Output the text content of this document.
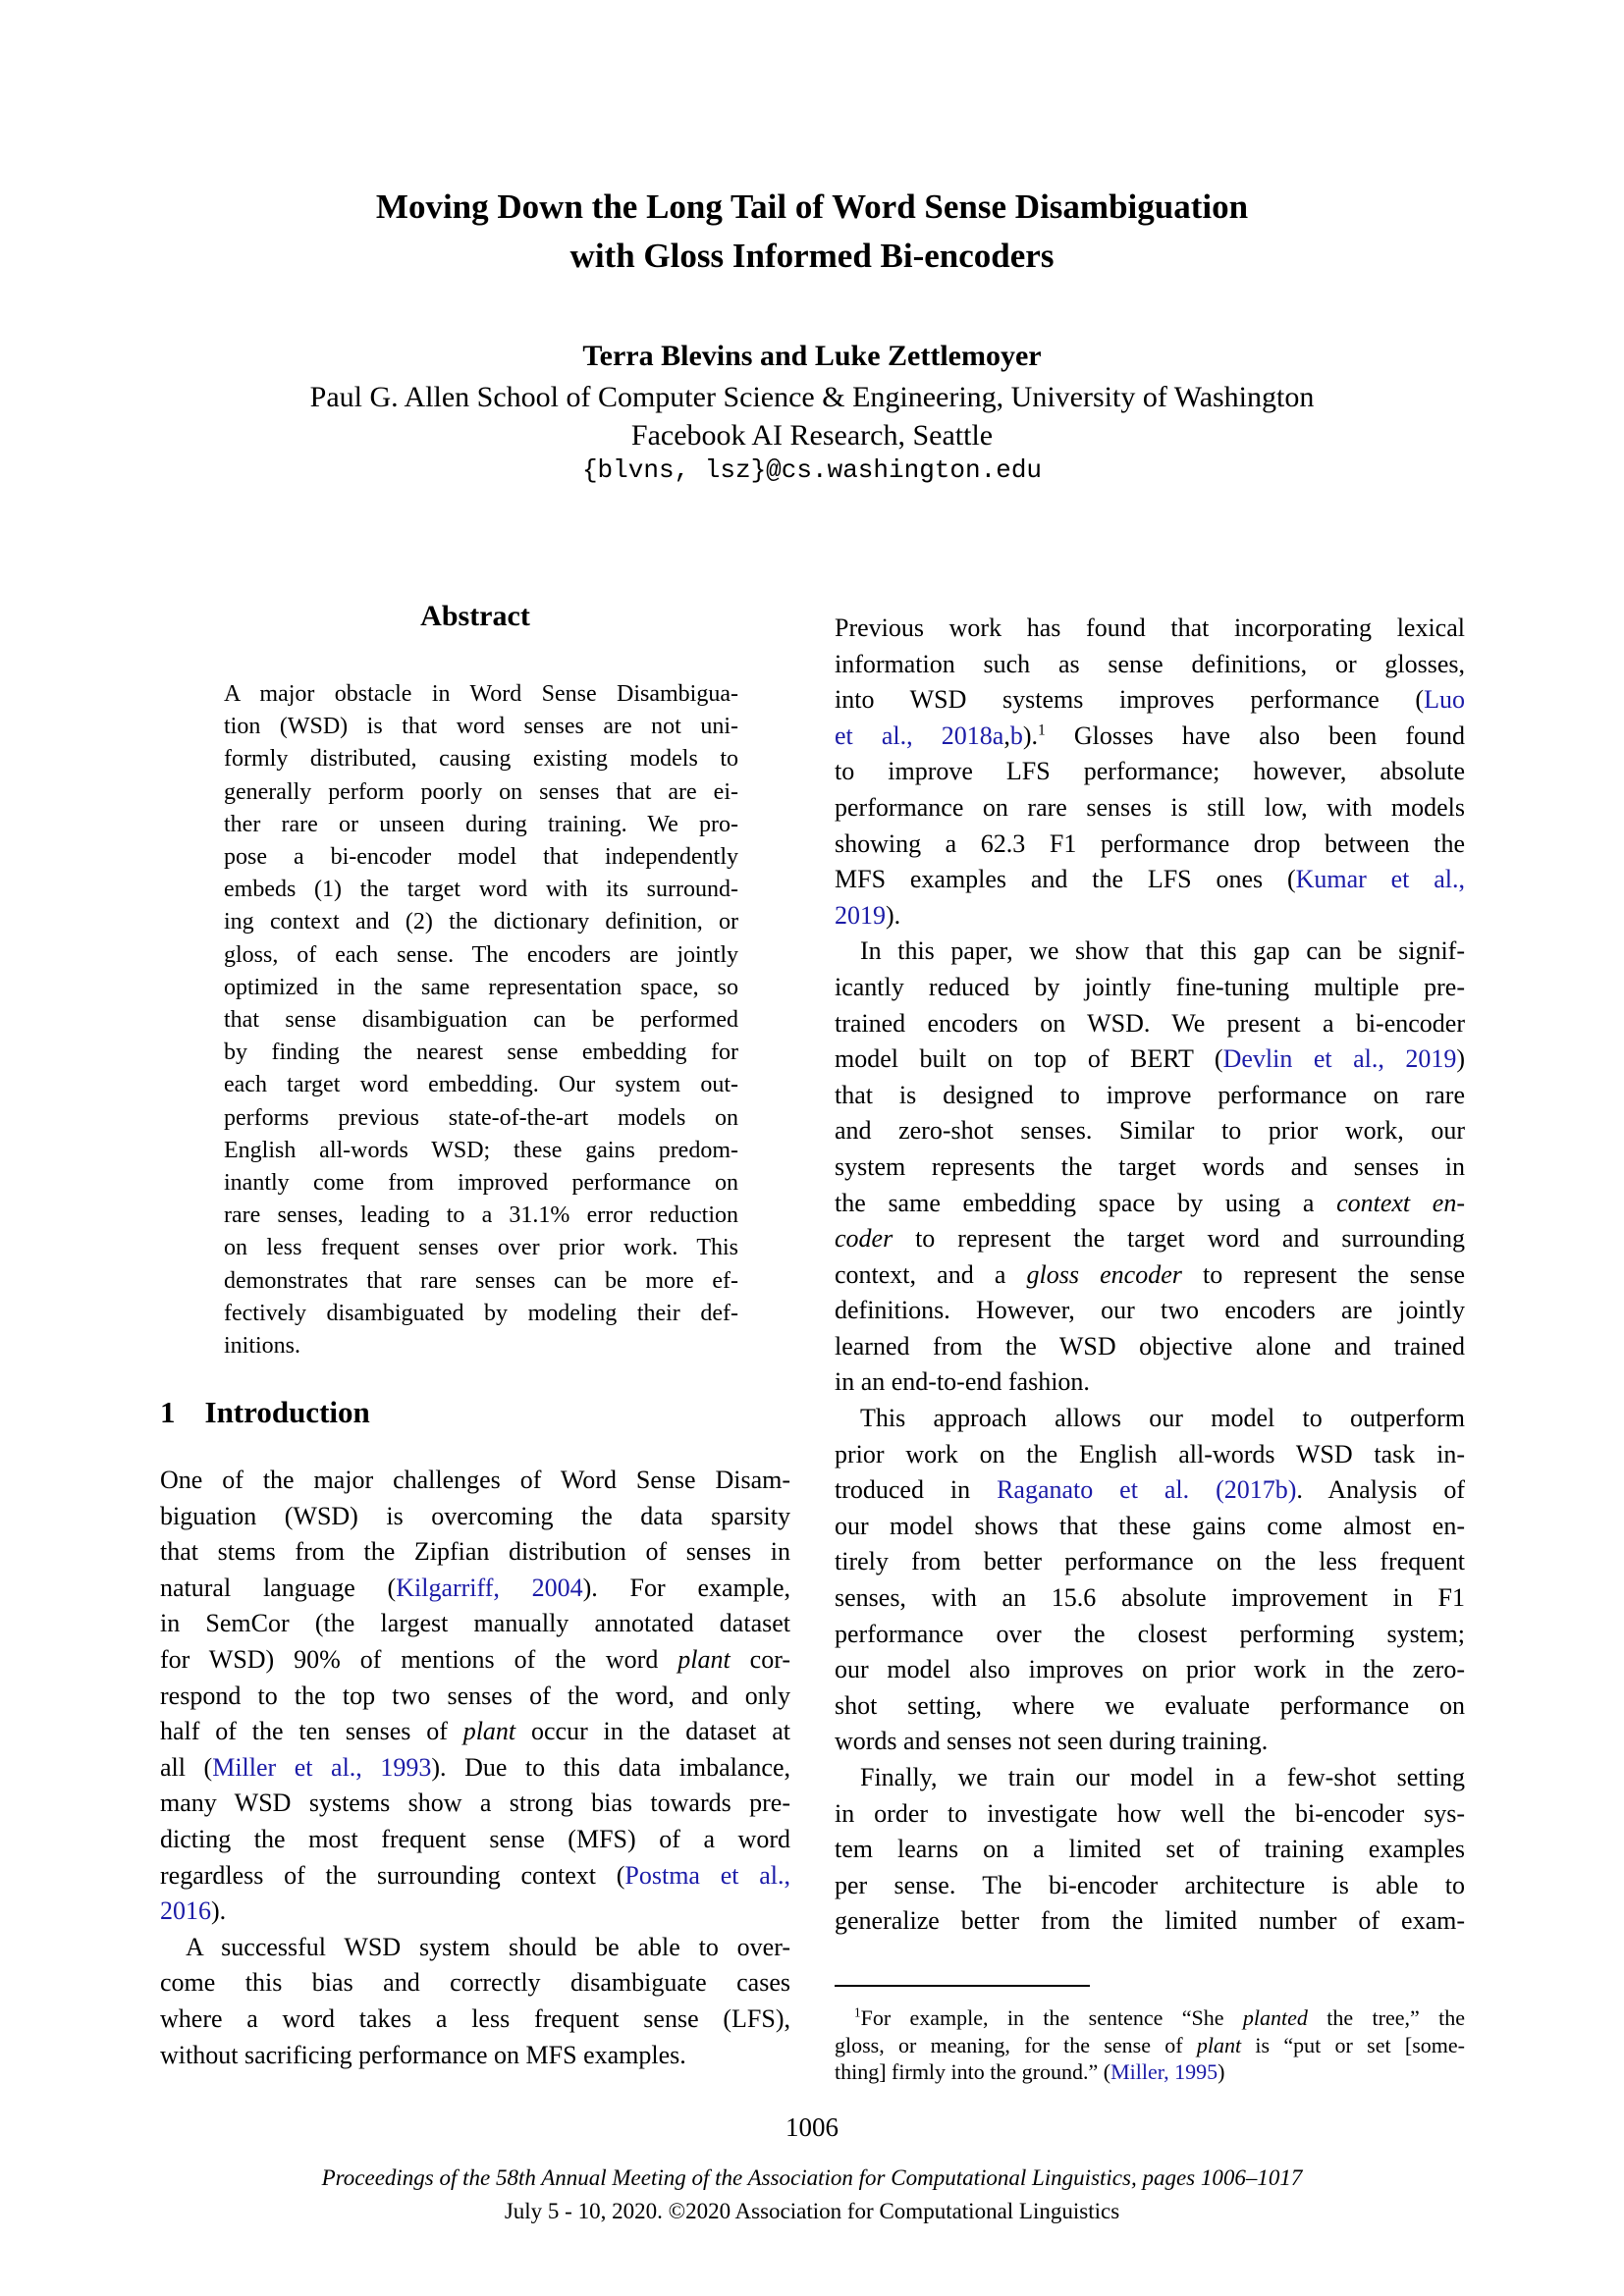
Moving Down the Long Tail of Word Sense Disambiguation
with Gloss Informed Bi-encoders
Terra Blevins and Luke Zettlemoyer
Paul G. Allen School of Computer Science & Engineering, University of Washington
Facebook AI Research, Seattle
{blvns, lsz}@cs.washington.edu
Abstract
A major obstacle in Word Sense Disambigua-
tion (WSD) is that word senses are not uni-
formly distributed, causing existing models to
generally perform poorly on senses that are ei-
ther rare or unseen during training. We pro-
pose a bi-encoder model that independently
embeds (1) the target word with its surround-
ing context and (2) the dictionary definition, or
gloss, of each sense. The encoders are jointly
optimized in the same representation space, so
that sense disambiguation can be performed
by finding the nearest sense embedding for
each target word embedding. Our system out-
performs previous state-of-the-art models on
English all-words WSD; these gains predom-
inantly come from improved performance on
rare senses, leading to a 31.1% error reduction
on less frequent senses over prior work. This
demonstrates that rare senses can be more ef-
fectively disambiguated by modeling their def-
initions.
1 Introduction
One of the major challenges of Word Sense Disam-
biguation (WSD) is overcoming the data sparsity
that stems from the Zipfian distribution of senses in
natural language (Kilgarriff, 2004). For example,
in SemCor (the largest manually annotated dataset
for WSD) 90% of mentions of the word plant cor-
respond to the top two senses of the word, and only
half of the ten senses of plant occur in the dataset at
all (Miller et al., 1993). Due to this data imbalance,
many WSD systems show a strong bias towards pre-
dicting the most frequent sense (MFS) of a word
regardless of the surrounding context (Postma et al.,
2016).
A successful WSD system should be able to over-
come this bias and correctly disambiguate cases
where a word takes a less frequent sense (LFS),
without sacrificing performance on MFS examples.
Previous work has found that incorporating lexical
information such as sense definitions, or glosses,
into WSD systems improves performance (Luo
et al., 2018a,b).$^1$ Glosses have also been found
to improve LFS performance; however, absolute
performance on rare senses is still low, with models
showing a 62.3 F1 performance drop between the
MFS examples and the LFS ones (Kumar et al.,
2019).
In this paper, we show that this gap can be signif-
icantly reduced by jointly fine-tuning multiple pre-
trained encoders on WSD. We present a bi-encoder
model built on top of BERT (Devlin et al., 2019)
that is designed to improve performance on rare
and zero-shot senses. Similar to prior work, our
system represents the target words and senses in
the same embedding space by using a context en-
coder to represent the target word and surrounding
context, and a gloss encoder to represent the sense
definitions. However, our two encoders are jointly
learned from the WSD objective alone and trained
in an end-to-end fashion.
This approach allows our model to outperform
prior work on the English all-words WSD task in-
troduced in Raganato et al. (2017b). Analysis of
our model shows that these gains come almost en-
tirely from better performance on the less frequent
senses, with an 15.6 absolute improvement in F1
performance over the closest performing system;
our model also improves on prior work in the zero-
shot setting, where we evaluate performance on
words and senses not seen during training.
Finally, we train our model in a few-shot setting
in order to investigate how well the bi-encoder sys-
tem learns on a limited set of training examples
per sense. The bi-encoder architecture is able to
generalize better from the limited number of exam-
$^1$For example, in the sentence “She planted the tree,” the
gloss, or meaning, for the sense of plant is “put or set [some-
thing] firmly into the ground.” (Miller, 1995)
1006
Proceedings of the 58th Annual Meeting of the Association for Computational Linguistics, pages 1006–1017
July 5 - 10, 2020. ©2020 Association for Computational Linguistics
